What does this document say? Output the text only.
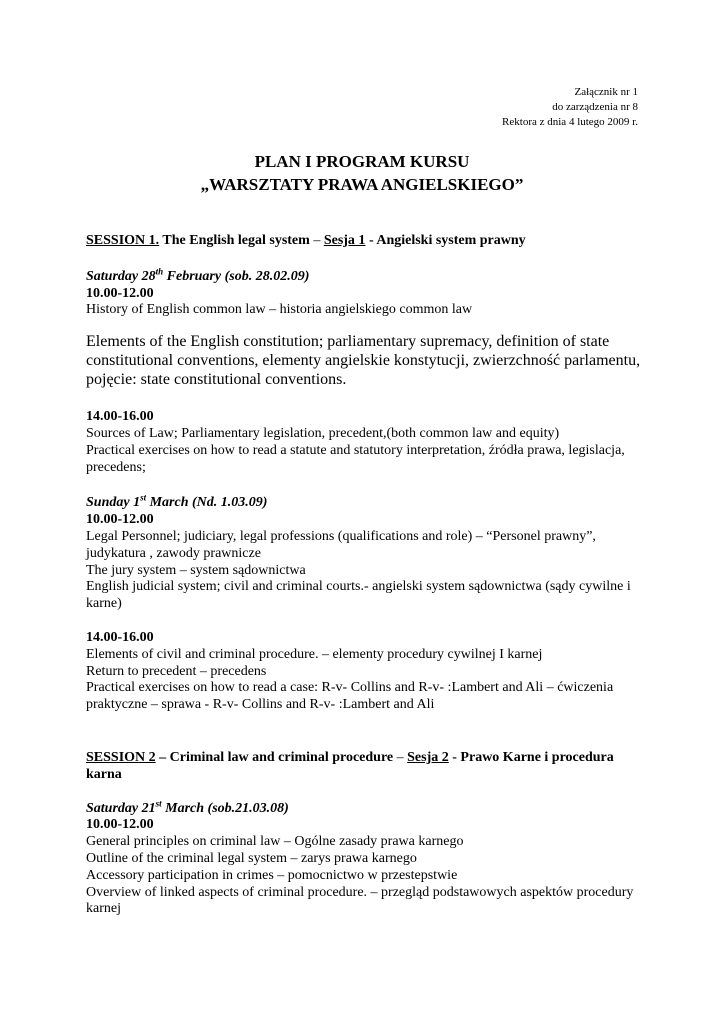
Załącznik nr 1
do zarządzenia nr 8
Rektora z dnia 4 lutego 2009 r.
PLAN I PROGRAM KURSU
„WARSZTATY PRAWA ANGIELSKIEGO”

SESSION 1. The English legal system – Sesja 1 - Angielski system prawny

Saturday 28th February (sob. 28.02.09)

10.00-12.00

History of English common law – historia angielskiego common law

Elements of the English constitution; parliamentary supremacy, definition of state constitutional conventions, elementy angielskie konstytucji, zwierzchność parlamentu, pojęcie: state constitutional conventions.

14.00-16.00

Sources of Law; Parliamentary legislation, precedent,(both common law and equity)

Practical exercises on how to read a statute and statutory interpretation, źródła prawa, legislacja, precedens;

Sunday 1st March (Nd. 1.03.09)

10.00-12.00

Legal Personnel; judiciary, legal professions (qualifications and role) – “Personel prawny”, judykatura , zawody prawnicze

The jury system – system sądownictwa

English judicial system; civil and criminal courts.- angielski system sądownictwa (sądy cywilne i karne)

14.00-16.00

Elements of civil and criminal procedure. – elementy procedury cywilnej I karnej

Return to precedent – precedens

Practical exercises on how to read a case: R-v- Collins and R-v- :Lambert and Ali – ćwiczenia praktyczne – sprawa - R-v- Collins and R-v- :Lambert and Ali

SESSION 2 – Criminal law and criminal procedure – Sesja 2 - Prawo Karne i procedura karna

Saturday 21st March (sob.21.03.08)

10.00-12.00

General principles on criminal law – Ogólne zasady prawa karnego

Outline of the criminal legal system – zarys prawa karnego

Accessory participation in crimes – pomocnictwo w przestepstwie

Overview of linked aspects of criminal procedure. – przegląd podstawowych aspektów procedury karnej
